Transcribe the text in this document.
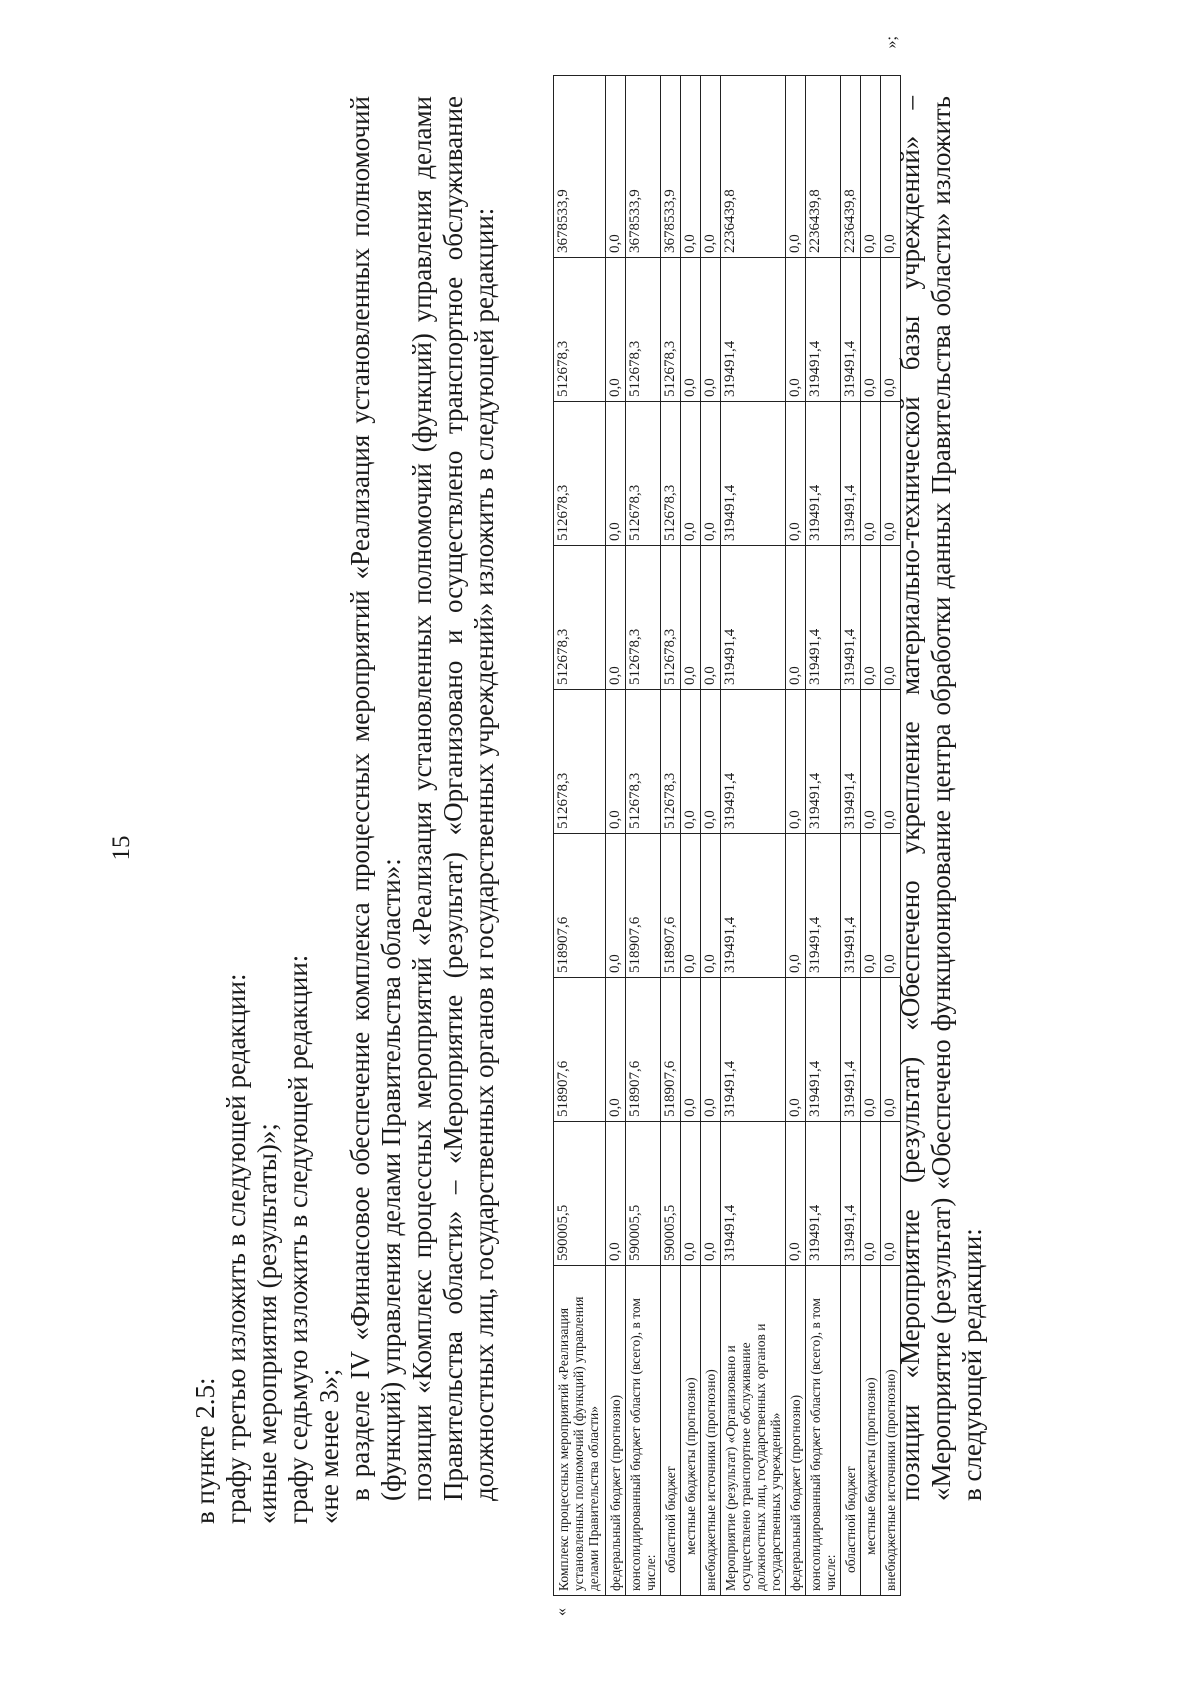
15

в пункте 2.5: графу третью изложить в следующей редакции: «иные мероприятия (результаты)»; графу седьмую изложить в следующей редакции: «не менее 3»; в разделе IV «Финансовое обеспечение комплекса процессных мероприятий «Реализация установленных полномочий (функций) управления делами Правительства области»: позиции «Комплекс процессных мероприятий «Реализация установленных полномочий (функций) управления делами Правительства области» – «Мероприятие (результат) «Организовано и осуществлено транспортное обслуживание должностных лиц, государственных органов и государственных учреждений» изложить в следующей редакции:

«
Комплекс процессных мероприятий «Реализация установленных полномочий (функций) управления делами Правительства области»	590005,5	518907,6	518907,6	512678,3	512678,3	512678,3	512678,3	3678533,9
федеральный бюджет (прогнозно)	0,0	0,0	0,0	0,0	0,0	0,0	0,0	0,0
консолидированный бюджет области (всего), в том числе:	590005,5	518907,6	518907,6	512678,3	512678,3	512678,3	512678,3	3678533,9
областной бюджет	590005,5	518907,6	518907,6	512678,3	512678,3	512678,3	512678,3	3678533,9
местные бюджеты (прогнозно)	0,0	0,0	0,0	0,0	0,0	0,0	0,0	0,0
внебюджетные источники (прогнозно)	0,0	0,0	0,0	0,0	0,0	0,0	0,0	0,0
Мероприятие (результат) «Организовано и осуществлено транспортное обслуживание должностных лиц, государственных органов и государственных учреждений»	319491,4	319491,4	319491,4	319491,4	319491,4	319491,4	319491,4	2236439,8
федеральный бюджет (прогнозно)	0,0	0,0	0,0	0,0	0,0	0,0	0,0	0,0
консолидированный бюджет области (всего), в том числе:	319491,4	319491,4	319491,4	319491,4	319491,4	319491,4	319491,4	2236439,8
областной бюджет	319491,4	319491,4	319491,4	319491,4	319491,4	319491,4	319491,4	2236439,8
местные бюджеты (прогнозно)	0,0	0,0	0,0	0,0	0,0	0,0	0,0	0,0
внебюджетные источники (прогнозно)	0,0	0,0	0,0	0,0	0,0	0,0	0,0	0,0
»;

позиции «Мероприятие (результат) «Обеспечено укрепление материально-технической базы учреждений» – «Мероприятие (результат) «Обеспечено функционирование центра обработки данных Правительства области» изложить в следующей редакции:
